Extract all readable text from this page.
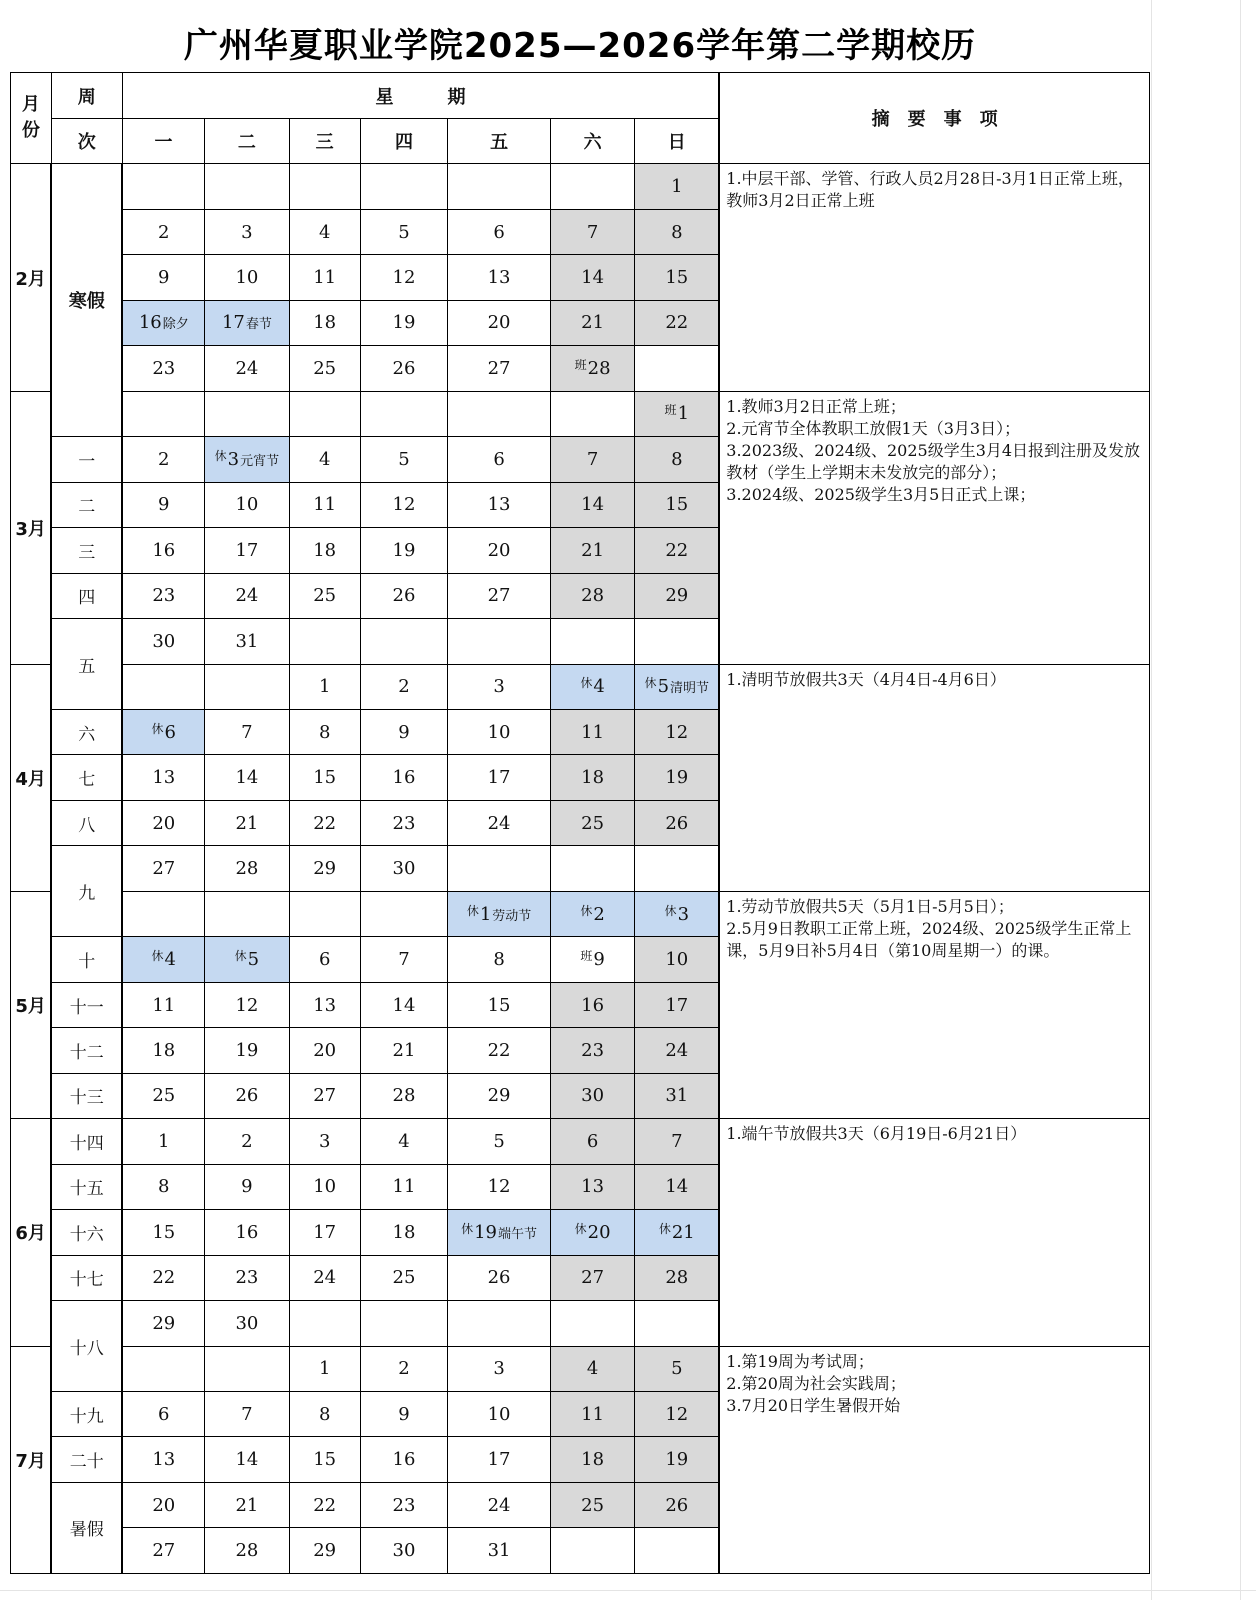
广州华夏职业学院2025—2026学年第二学期校历
月份	周	星　　　期							摘　要　事　项
	次	一	二	三	四	五	六	日	
2月	寒假							1	1.中层干部、学管、行政人员2月28日-3月1日正常上班，教师3月2日正常上班

		2	3	4	5	6	7	8	
		9	10	11	12	13	14	15	
		16除夕	17春节	18	19	20	21	22	
		23	24	25	26	27	$^班$28		
3月								$^班$1	1.教师3月2日正常上班；
2.元宵节全体教职工放假1天（3月3日）；
3.2023级、2024级、2025级学生3月4日报到注册及发放教材（学生上学期末未发放完的部分）；
3.2024级、2025级学生3月5日正式上课；

	一	2	$^休$3元宵节	4	5	6	7	8	
	二	9	10	11	12	13	14	15	
	三	16	17	18	19	20	21	22	
	四	23	24	25	26	27	28	29	
	五	30	31						
4月				1	2	3	$^休$4	$^休$5清明节	1.清明节放假共3天（4月4日-4月6日）

	六	$^休$6	7	8	9	10	11	12	
	七	13	14	15	16	17	18	19	
	八	20	21	22	23	24	25	26	
	九	27	28	29	30				
5月						$^休$1劳动节	$^休$2	$^休$3	1.劳动节放假共5天（5月1日-5月5日）；
2.5月9日教职工正常上班，2024级、2025级学生正常上课，5月9日补5月4日（第10周星期一）的课。

	十	$^休$4	$^休$5	6	7	8	$^班$9	10	
	十一	11	12	13	14	15	16	17	
	十二	18	19	20	21	22	23	24	
	十三	25	26	27	28	29	30	31	
6月	十四	1	2	3	4	5	6	7	1.端午节放假共3天（6月19日-6月21日）

	十五	8	9	10	11	12	13	14	
	十六	15	16	17	18	$^休$19端午节	$^休$20	$^休$21	
	十七	22	23	24	25	26	27	28	
	十八	29	30						
7月				1	2	3	4	5	1.第19周为考试周；
2.第20周为社会实践周；
3.7月20日学生暑假开始

	十九	6	7	8	9	10	11	12	
	二十	13	14	15	16	17	18	19	
	暑假	20	21	22	23	24	25	26	
		27	28	29	30	31			
